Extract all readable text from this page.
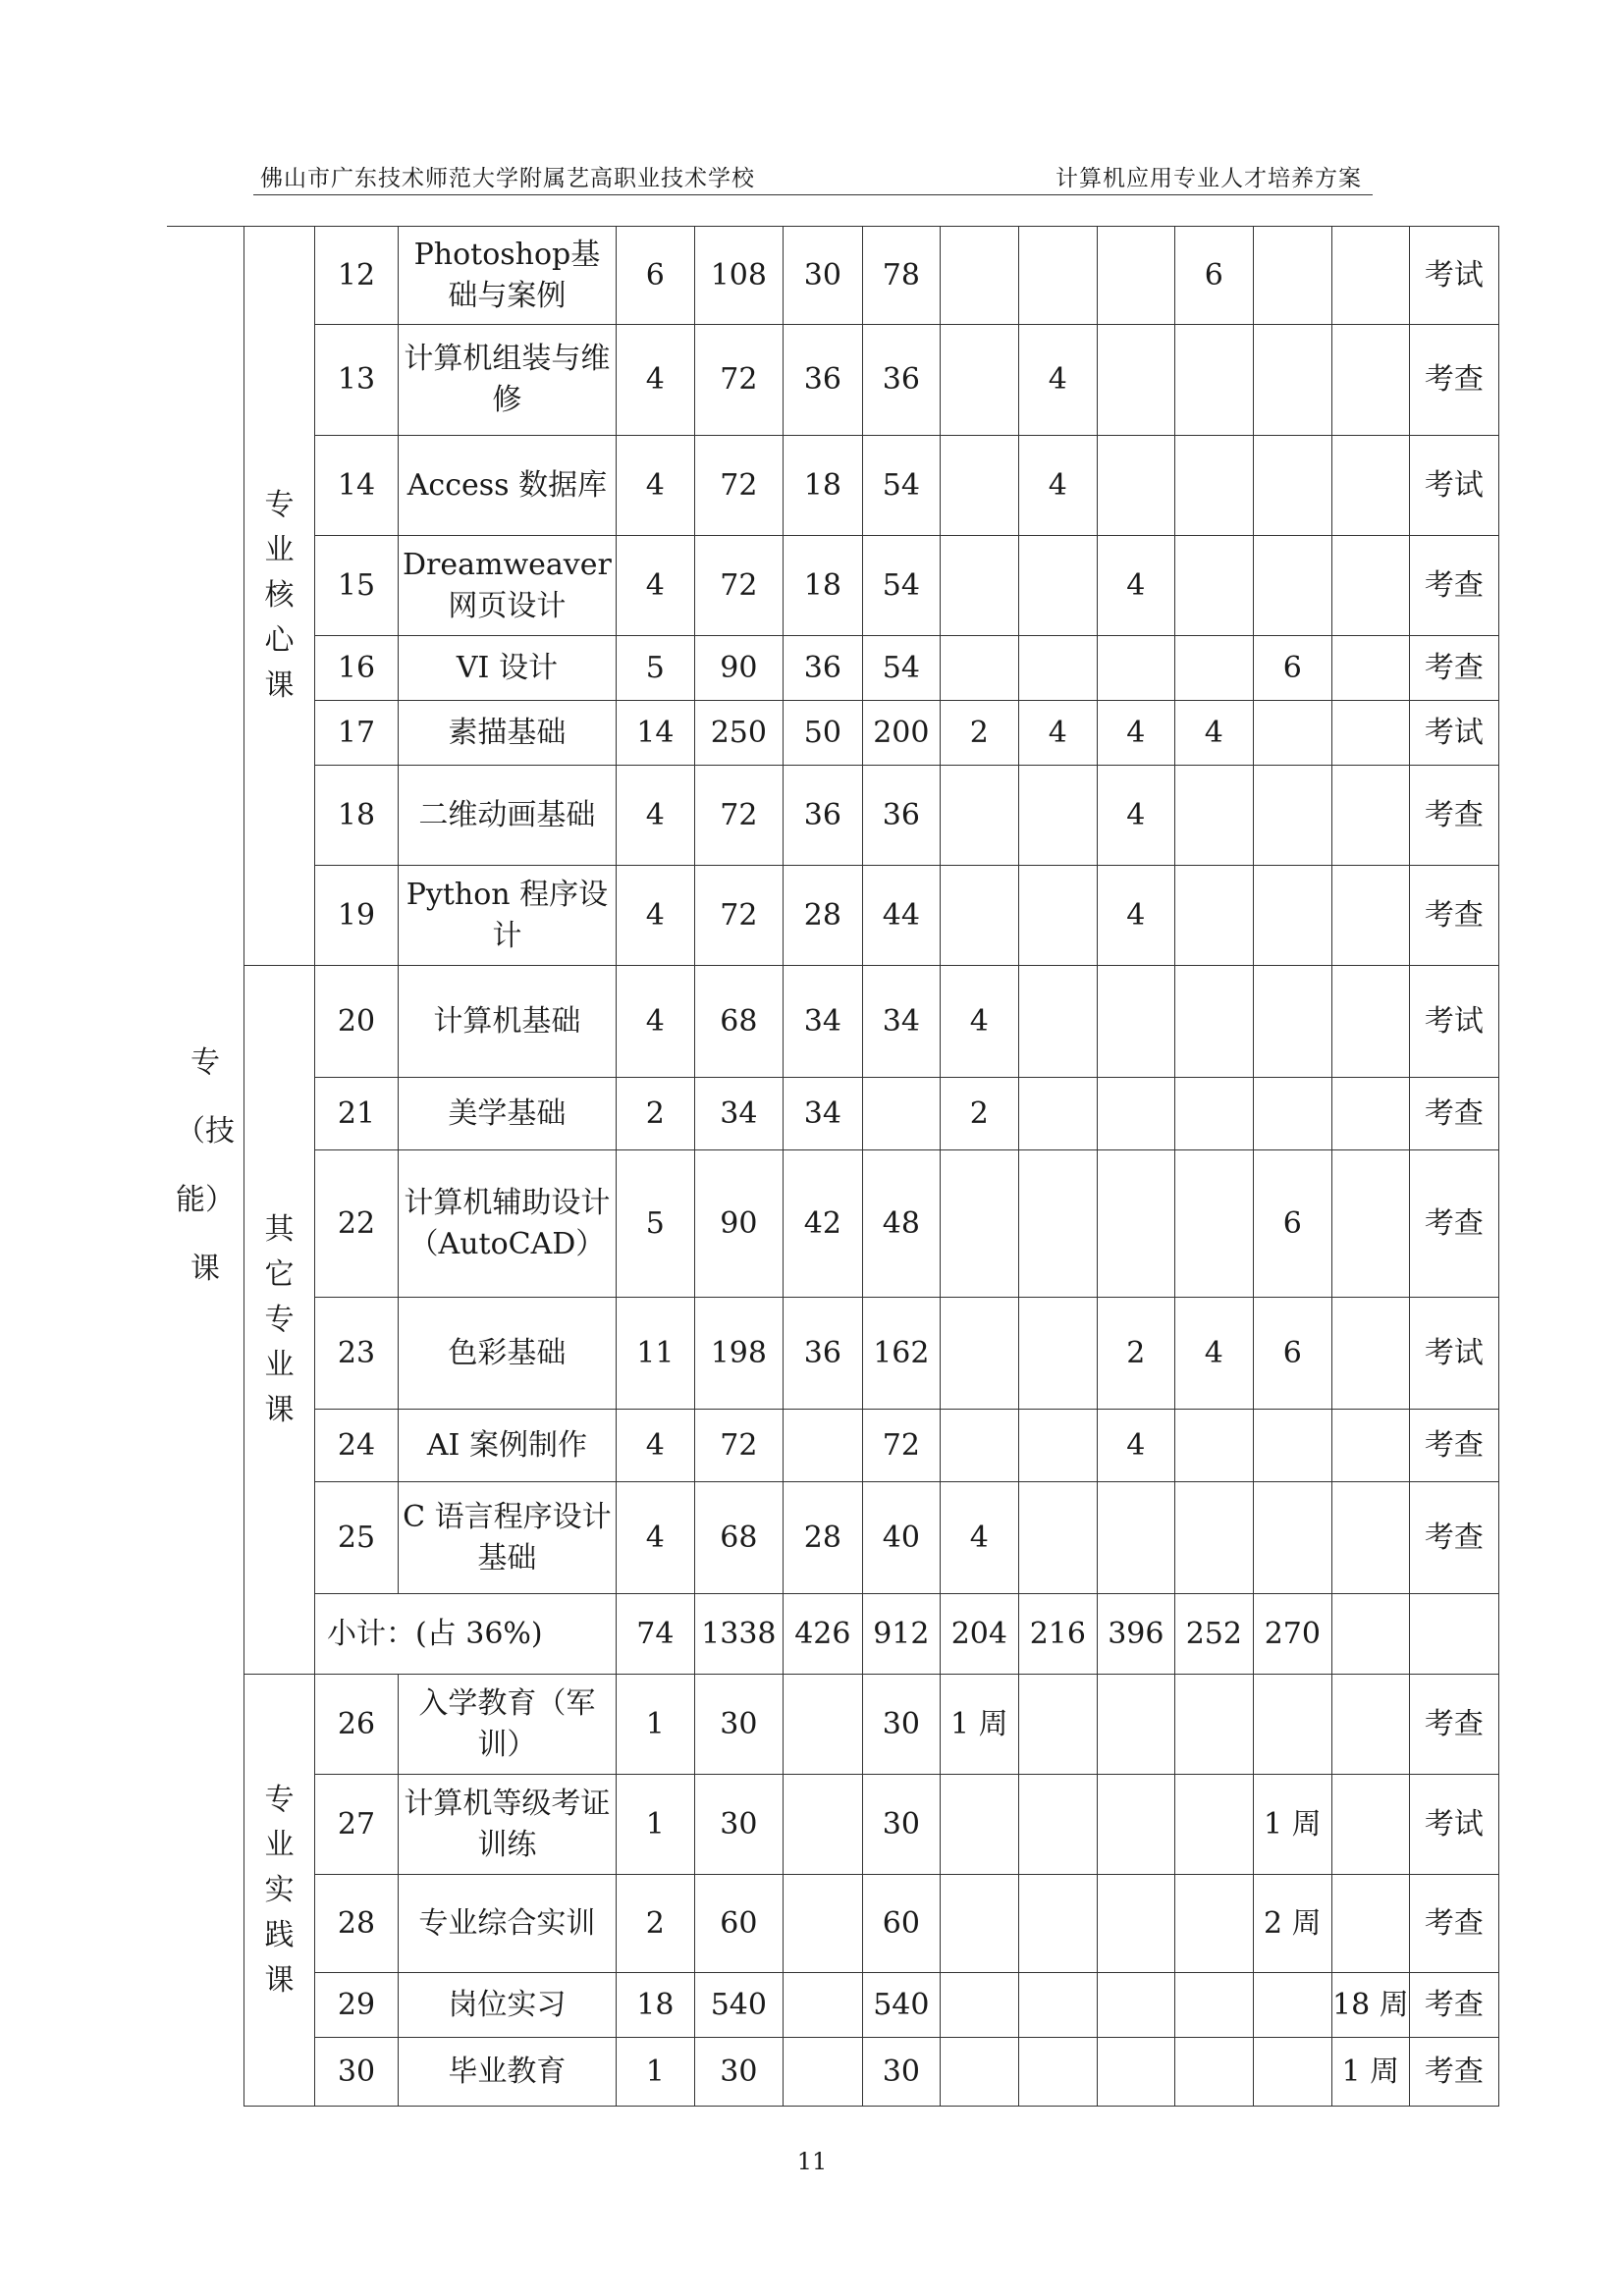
佛山市广东技术师范大学附属艺高职业技术学校	计算机应用专业人才培养方案
专（技能）课	专业核心课	12	Photoshop基础与案例	6	108	30	78				6			考试
		13	计算机组装与维修	4	72	36	36		4					考查
		14	Access 数据库	4	72	18	54		4					考试
		15	Dreamweaver网页设计	4	72	18	54			4				考查
		16	VI 设计	5	90	36	54					6		考查
		17	素描基础	14	250	50	200	2	4	4	4			考试
		18	二维动画基础	4	72	36	36			4				考查
		19	Python 程序设计	4	72	28	44			4				考查
	其它专业课	20	计算机基础	4	68	34	34	4						考试
		21	美学基础	2	34	34		2						考查
		22	计算机辅助设计（AutoCAD）	5	90	42	48					6		考查
		23	色彩基础	11	198	36	162			2	4	6		考试
		24	AI 案例制作	4	72		72			4				考查
		25	C 语言程序设计基础	4	68	28	40	4						考查
		小计：(占 36%)		74	1338	426	912	204	216	396	252	270		
	专业实践课	26	入学教育（军训）	1	30		30	1 周						考查
		27	计算机等级考证训练	1	30		30					1 周		考试
		28	专业综合实训	2	60		60					2 周		考查
		29	岗位实习	18	540		540						18 周	考查
		30	毕业教育	1	30		30						1 周	考查
11
